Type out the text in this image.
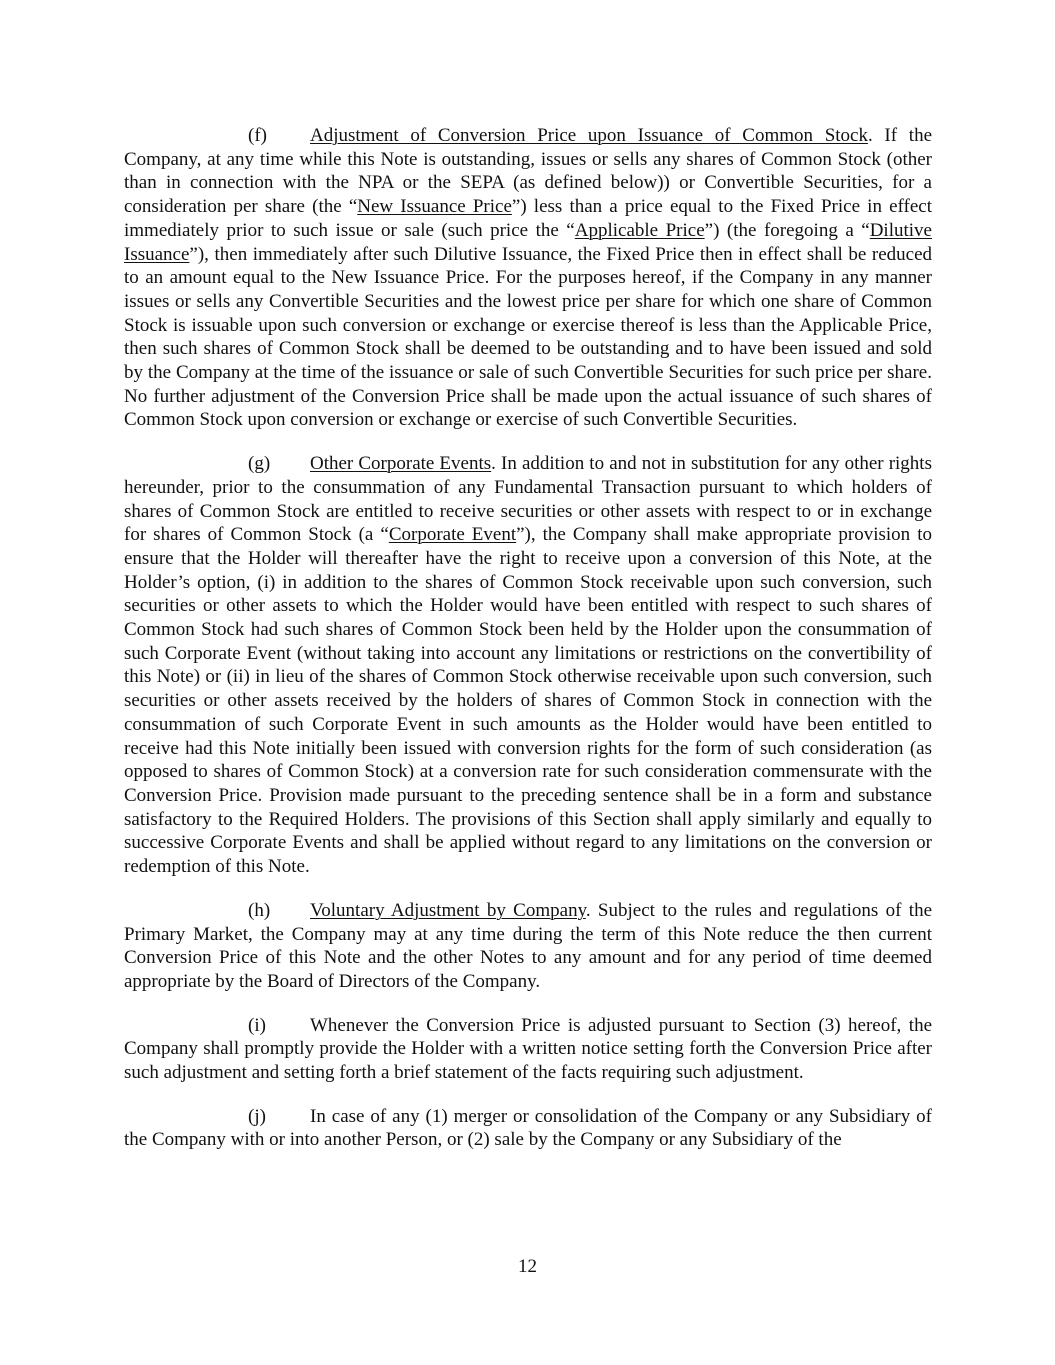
(f) Adjustment of Conversion Price upon Issuance of Common Stock. If the Company, at any time while this Note is outstanding, issues or sells any shares of Common Stock (other than in connection with the NPA or the SEPA (as defined below)) or Convertible Securities, for a consideration per share (the “New Issuance Price”) less than a price equal to the Fixed Price in effect immediately prior to such issue or sale (such price the “Applicable Price”) (the foregoing a “Dilutive Issuance”), then immediately after such Dilutive Issuance, the Fixed Price then in effect shall be reduced to an amount equal to the New Issuance Price. For the purposes hereof, if the Company in any manner issues or sells any Convertible Securities and the lowest price per share for which one share of Common Stock is issuable upon such conversion or exchange or exercise thereof is less than the Applicable Price, then such shares of Common Stock shall be deemed to be outstanding and to have been issued and sold by the Company at the time of the issuance or sale of such Convertible Securities for such price per share. No further adjustment of the Conversion Price shall be made upon the actual issuance of such shares of Common Stock upon conversion or exchange or exercise of such Convertible Securities.

(g) Other Corporate Events. In addition to and not in substitution for any other rights hereunder, prior to the consummation of any Fundamental Transaction pursuant to which holders of shares of Common Stock are entitled to receive securities or other assets with respect to or in exchange for shares of Common Stock (a “Corporate Event”), the Company shall make appropriate provision to ensure that the Holder will thereafter have the right to receive upon a conversion of this Note, at the Holder’s option, (i) in addition to the shares of Common Stock receivable upon such conversion, such securities or other assets to which the Holder would have been entitled with respect to such shares of Common Stock had such shares of Common Stock been held by the Holder upon the consummation of such Corporate Event (without taking into account any limitations or restrictions on the convertibility of this Note) or (ii) in lieu of the shares of Common Stock otherwise receivable upon such conversion, such securities or other assets received by the holders of shares of Common Stock in connection with the consummation of such Corporate Event in such amounts as the Holder would have been entitled to receive had this Note initially been issued with conversion rights for the form of such consideration (as opposed to shares of Common Stock) at a conversion rate for such consideration commensurate with the Conversion Price. Provision made pursuant to the preceding sentence shall be in a form and substance satisfactory to the Required Holders. The provisions of this Section shall apply similarly and equally to successive Corporate Events and shall be applied without regard to any limitations on the conversion or redemption of this Note.

(h) Voluntary Adjustment by Company. Subject to the rules and regulations of the Primary Market, the Company may at any time during the term of this Note reduce the then current Conversion Price of this Note and the other Notes to any amount and for any period of time deemed appropriate by the Board of Directors of the Company.

(i) Whenever the Conversion Price is adjusted pursuant to Section (3) hereof, the Company shall promptly provide the Holder with a written notice setting forth the Conversion Price after such adjustment and setting forth a brief statement of the facts requiring such adjustment.

(j) In case of any (1) merger or consolidation of the Company or any Subsidiary of the Company with or into another Person, or (2) sale by the Company or any Subsidiary of the

12
